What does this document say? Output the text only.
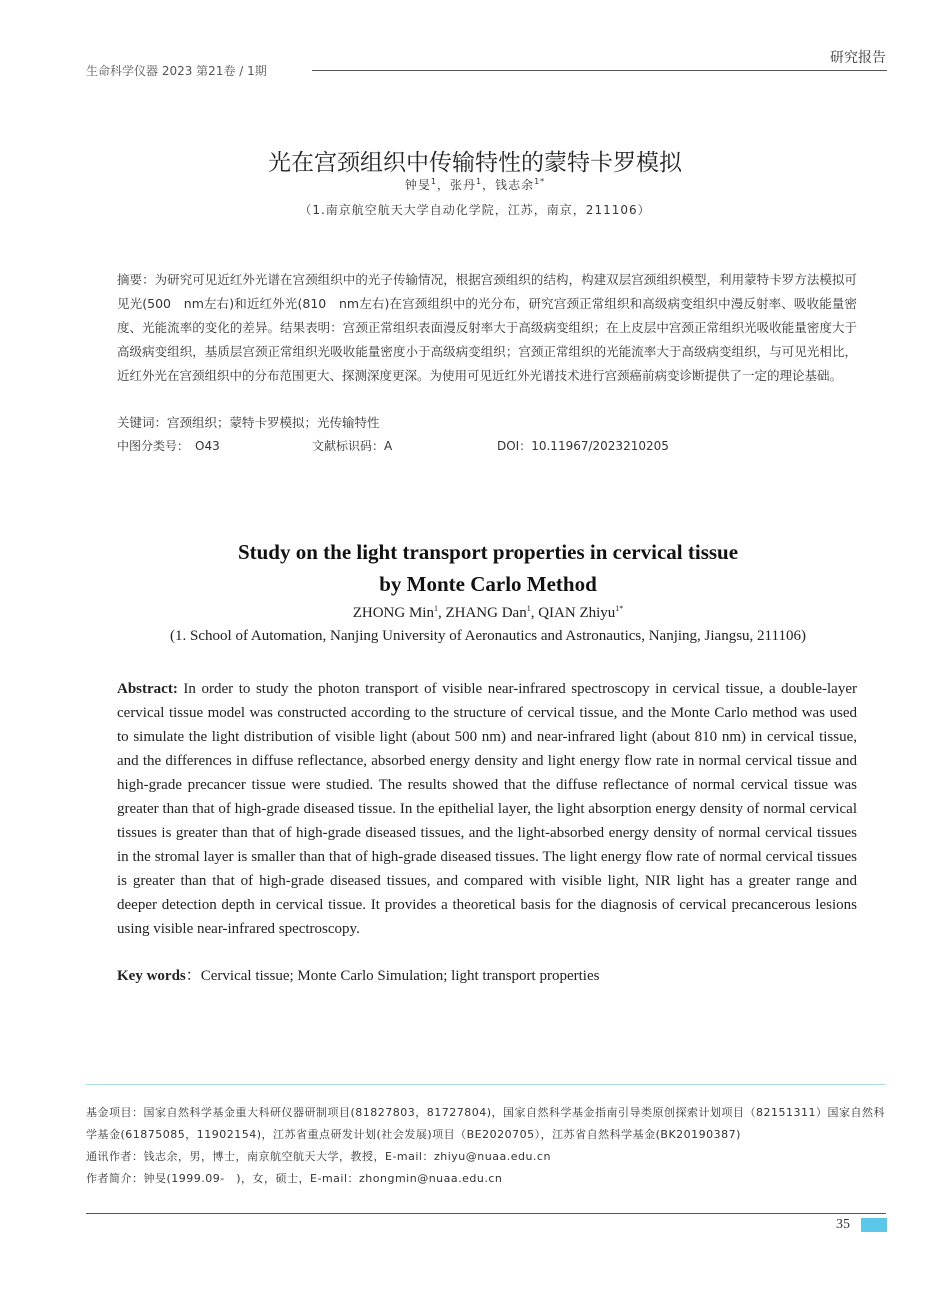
生命科学仪器 2023 第21卷 / 1期
研究报告
光在宫颈组织中传输特性的蒙特卡罗模拟
钟旻$^1$，张丹$^1$，钱志余$^{1*}$
（1.南京航空航天大学自动化学院，江苏，南京，211106）
摘要：为研究可见近红外光谱在宫颈组织中的光子传输情况，根据宫颈组织的结构，构建双层宫颈组织模型，利用蒙特卡罗方法模拟可见光(500　nm左右)和近红外光(810　nm左右)在宫颈组织中的光分布，研究宫颈正常组织和高级病变组织中漫反射率、吸收能量密度、光能流率的变化的差异。结果表明：宫颈正常组织表面漫反射率大于高级病变组织；在上皮层中宫颈正常组织光吸收能量密度大于高级病变组织，基质层宫颈正常组织光吸收能量密度小于高级病变组织；宫颈正常组织的光能流率大于高级病变组织，与可见光相比，近红外光在宫颈组织中的分布范围更大、探测深度更深。为使用可见近红外光谱技术进行宫颈癌前病变诊断提供了一定的理论基础。
关键词：宫颈组织；蒙特卡罗模拟；光传输特性
中图分类号：　O43	文献标识码：A	DOI：10.11967/2023210205
Study on the light transport properties in cervical tissue
by Monte Carlo Method
ZHONG Min$^1$, ZHANG Dan$^1$, QIAN Zhiyu$^{1*}$
(1. School of Automation, Nanjing University of Aeronautics and Astronautics, Nanjing, Jiangsu, 211106)
Abstract: In order to study the photon transport of visible near-infrared spectroscopy in cervical tissue, a double-layer cervical tissue model was constructed according to the structure of cervical tissue, and the Monte Carlo method was used to simulate the light distribution of visible light (about 500 nm) and near-infrared light (about 810 nm) in cervical tissue, and the differences in diffuse reflectance, absorbed energy density and light energy flow rate in normal cervical tissue and high-grade precancer tissue were studied. The results showed that the diffuse reflectance of normal cervical tissue was greater than that of high-grade diseased tissue. In the epithelial layer, the light absorption energy density of normal cervical tissues is greater than that of high-grade diseased tissues, and the light-absorbed energy density of normal cervical tissues in the stromal layer is smaller than that of high-grade diseased tissues. The light energy flow rate of normal cervical tissues is greater than that of high-grade diseased tissues, and compared with visible light, NIR light has a greater range and deeper detection depth in cervical tissue. It provides a theoretical basis for the diagnosis of cervical precancerous lesions using visible near-infrared spectroscopy.
Key words：Cervical tissue; Monte Carlo Simulation; light transport properties
基金项目：国家自然科学基金重大科研仪器研制项目(81827803，81727804)，国家自然科学基金指南引导类原创探索计划项目（82151311）国家自然科学基金(61875085，11902154)，江苏省重点研发计划(社会发展)项目（BE2020705），江苏省自然科学基金(BK20190387)
通讯作者：钱志余，男，博士，南京航空航天大学，教授，E-mail：zhiyu@nuaa.edu.cn
作者简介：钟旻(1999.09-　)，女，硕士，E-mail：zhongmin@nuaa.edu.cn
35
